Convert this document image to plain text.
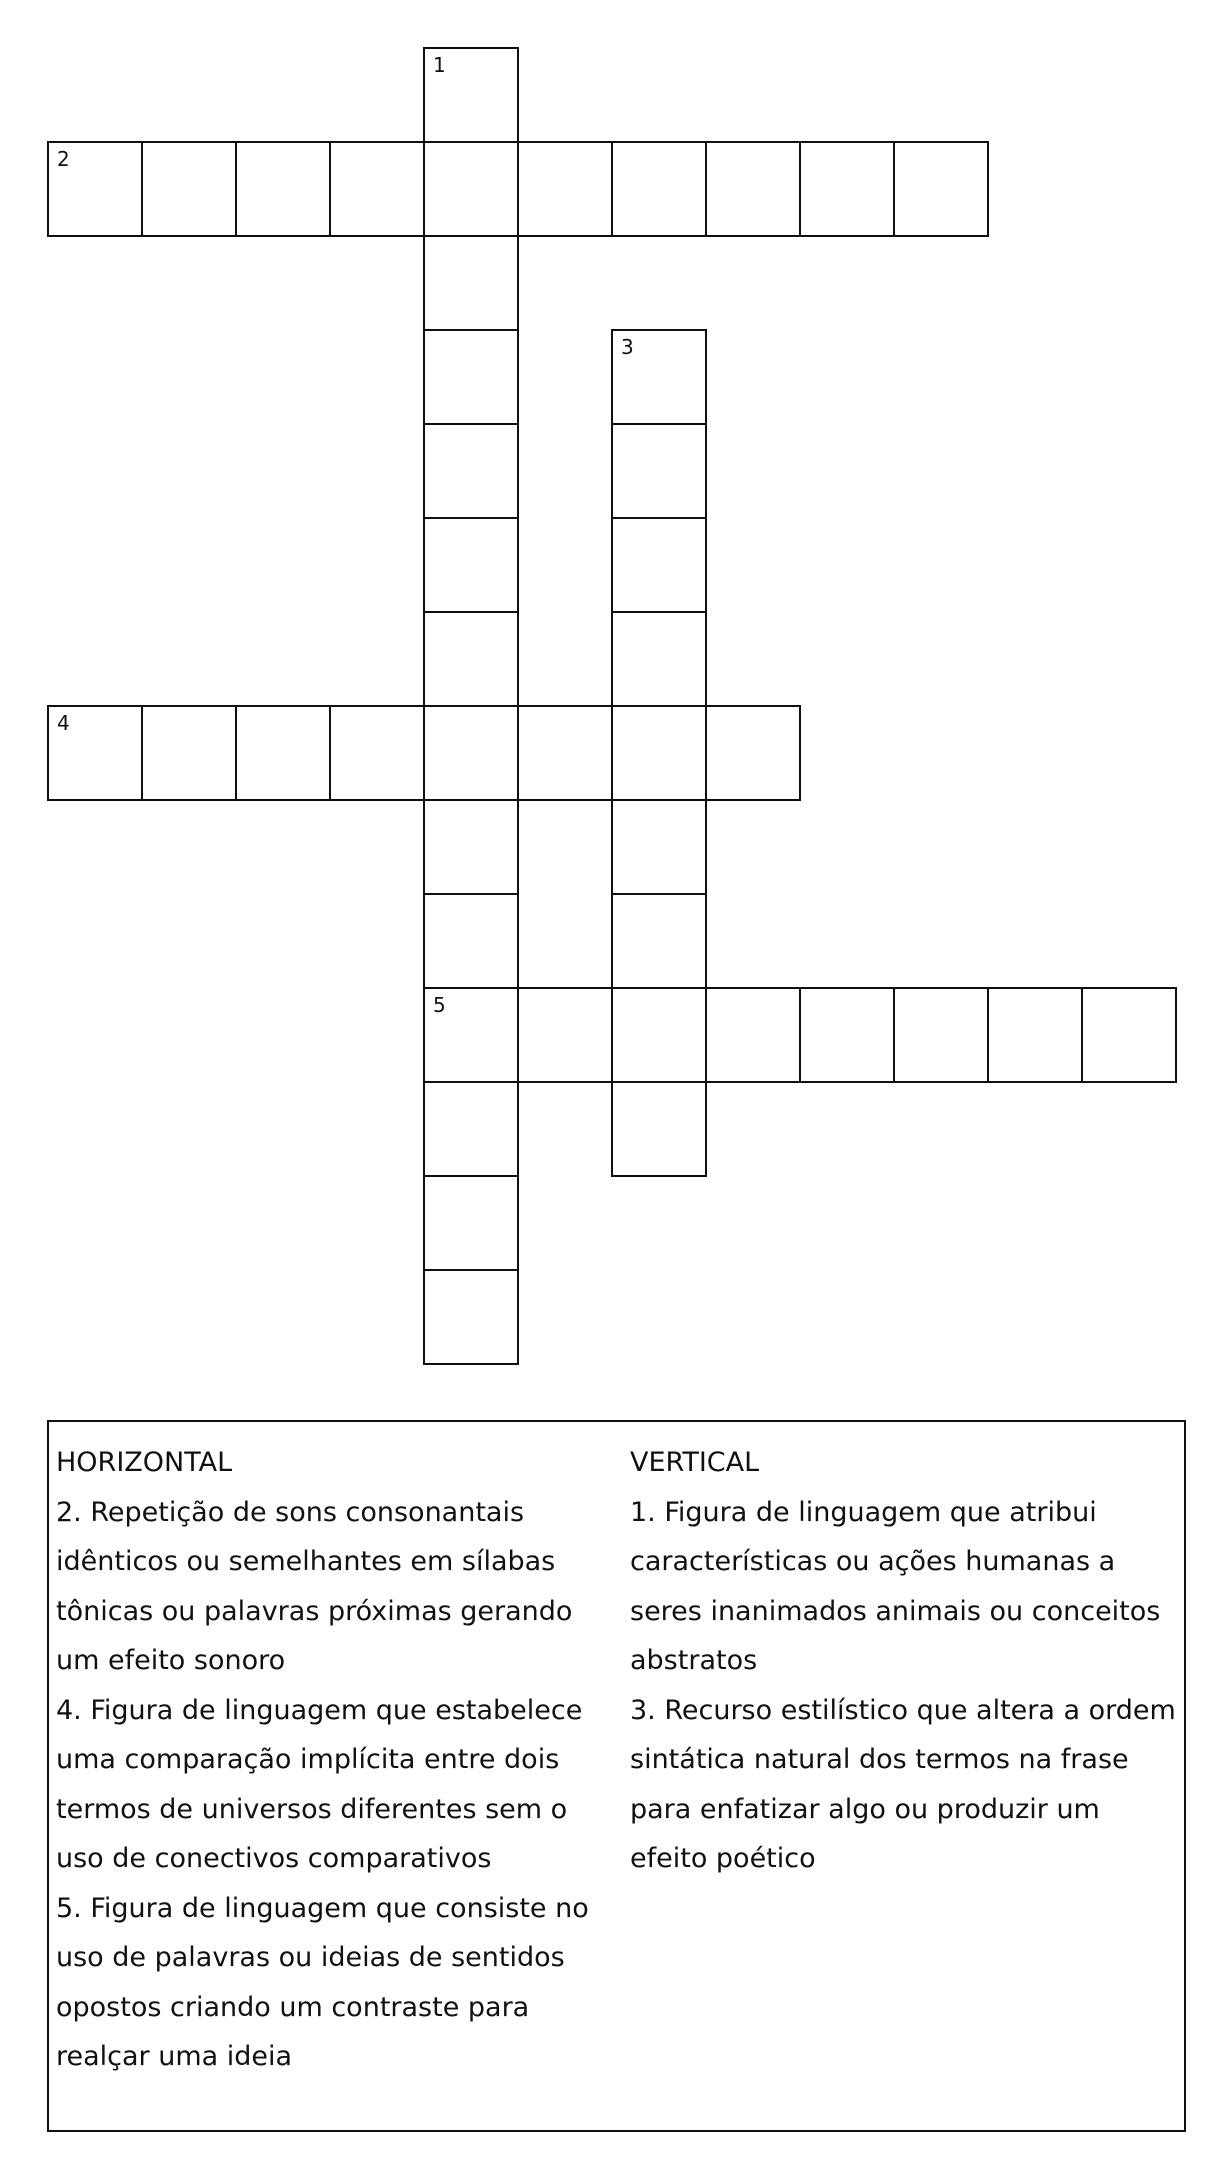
1
5
2
3
4
HORIZONTAL
2. Repetição de sons consonantais
idênticos ou semelhantes em sílabas
tônicas ou palavras próximas gerando
um efeito sonoro
4. Figura de linguagem que estabelece
uma comparação implícita entre dois
termos de universos diferentes sem o
uso de conectivos comparativos
5. Figura de linguagem que consiste no
uso de palavras ou ideias de sentidos
opostos criando um contraste para
realçar uma ideia
VERTICAL
1. Figura de linguagem que atribui
características ou ações humanas a
seres inanimados animais ou conceitos
abstratos
3. Recurso estilístico que altera a ordem
sintática natural dos termos na frase
para enfatizar algo ou produzir um
efeito poético
